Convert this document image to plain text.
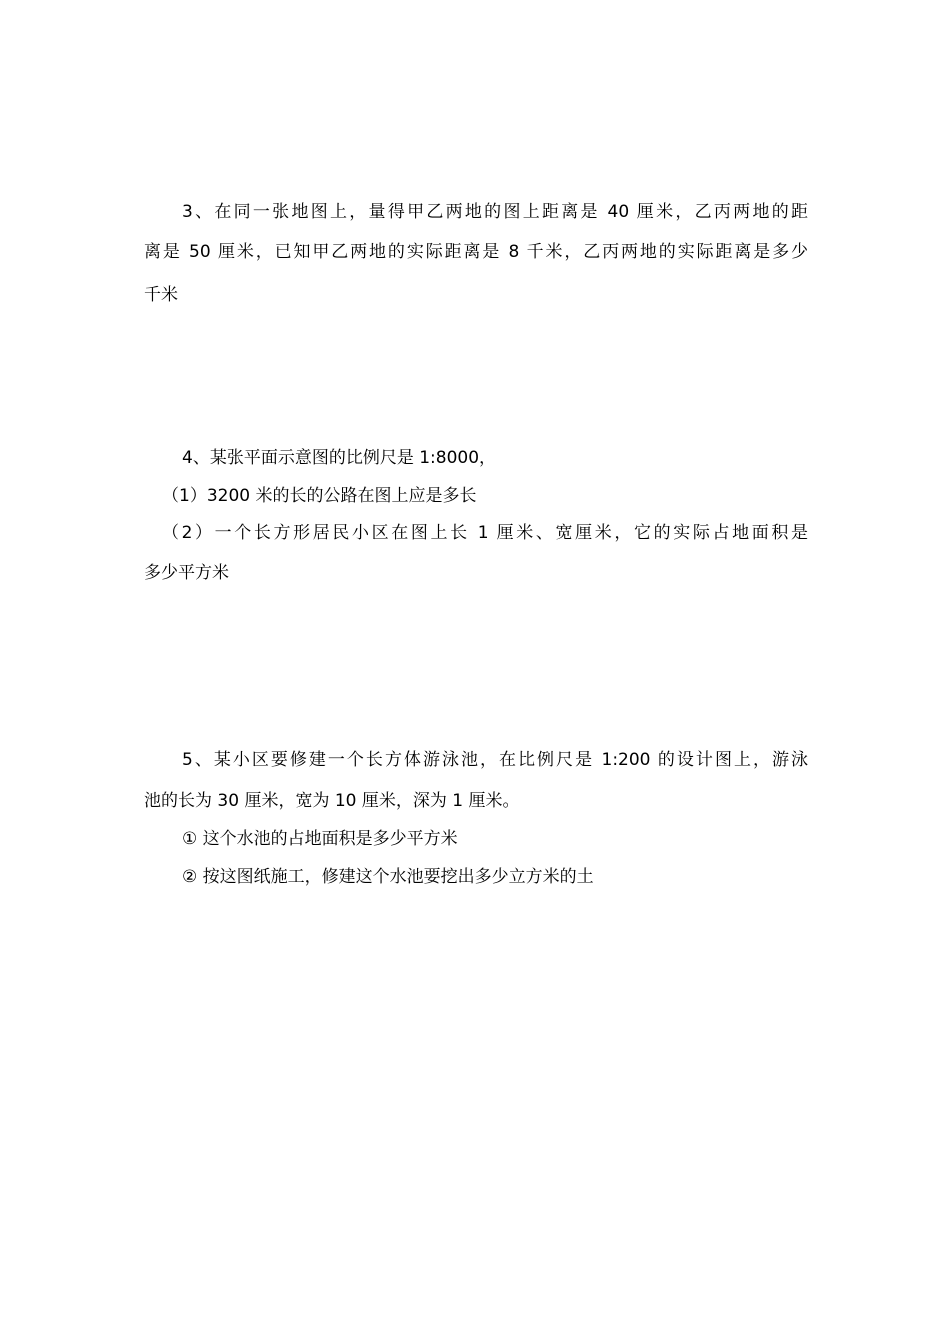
3、在同一张地图上，量得甲乙两地的图上距离是 40 厘米，乙丙两地的距
离是 50 厘米，已知甲乙两地的实际距离是 8 千米，乙丙两地的实际距离是多少
千米
4、某张平面示意图的比例尺是 1:8000，
（1）3200 米的长的公路在图上应是多长
（2）一个长方形居民小区在图上长 1 厘米、宽厘米，它的实际占地面积是
多少平方米
5、某小区要修建一个长方体游泳池，在比例尺是 1:200 的设计图上，游泳
池的长为 30 厘米，宽为 10 厘米，深为 1 厘米。
① 这个水池的占地面积是多少平方米
② 按这图纸施工，修建这个水池要挖出多少立方米的土
